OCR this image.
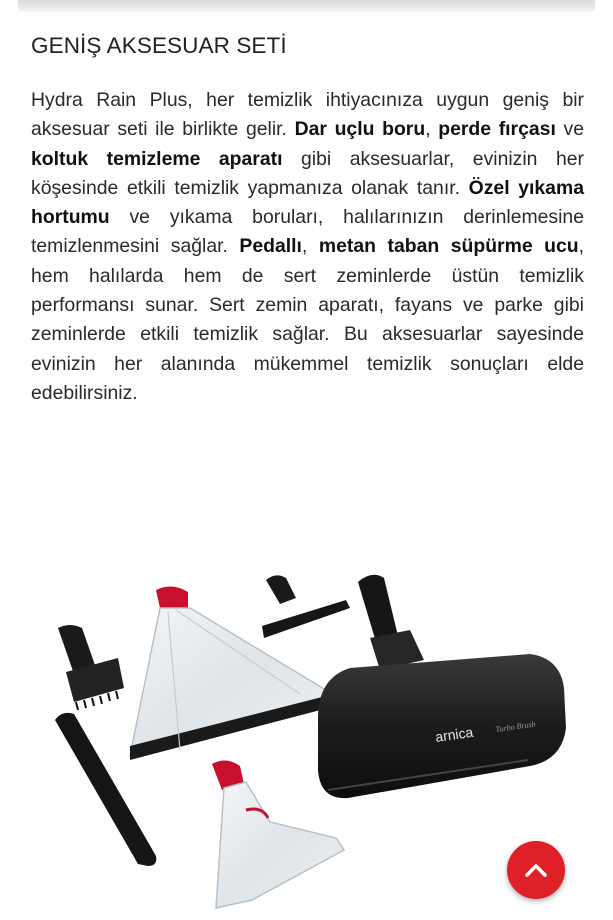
GENİŞ AKSESUAR SETİ

Hydra Rain Plus, her temizlik ihtiyacınıza uygun geniş bir aksesuar seti ile birlikte gelir. Dar uçlu boru, perde fırçası ve koltuk temizleme aparatı gibi aksesuarlar, evinizin her köşesinde etkili temizlik yapmanıza olanak tanır. Özel yıkama hortumu ve yıkama boruları, halılarınızın derinlemesine temizlenmesini sağlar. Pedallı, metan taban süpürme ucu, hem halılarda hem de sert zeminlerde üstün temizlik performansı sunar. Sert zemin aparatı, fayans ve parke gibi zeminlerde etkili temizlik sağlar. Bu aksesuarlar sayesinde evinizin her alanında mükemmel temizlik sonuçları elde edebilirsiniz.

arnica	Turbo Brush
